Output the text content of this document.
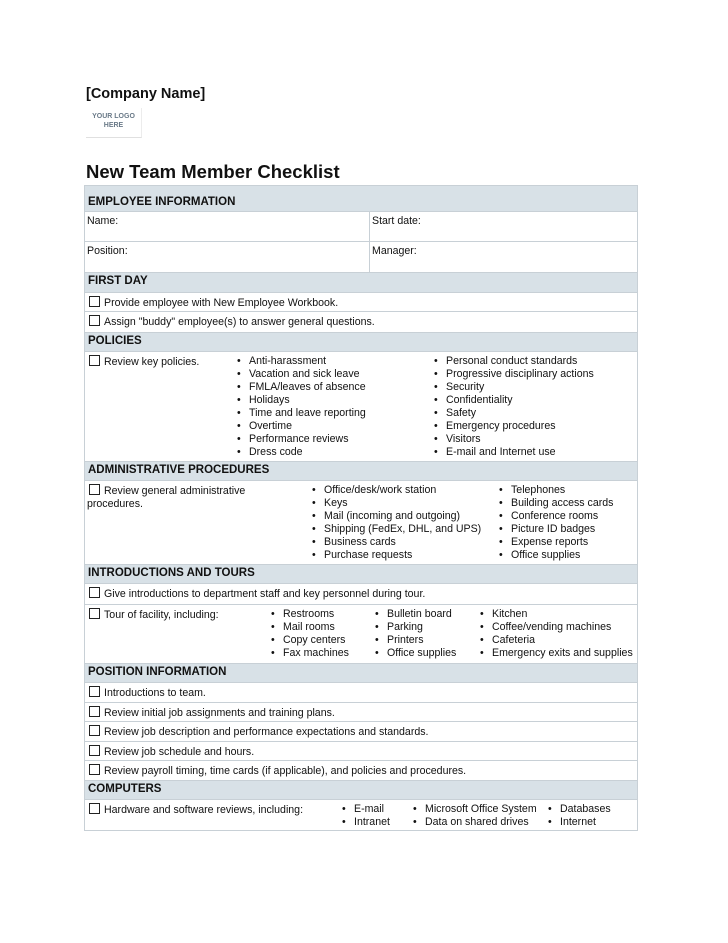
[Company Name]
YOUR LOGO
HERE
New Team Member Checklist
EMPLOYEE INFORMATION
Name:	Start date:
Position:	Manager:
FIRST DAY
Provide employee with New Employee Workbook.
Assign "buddy" employee(s) to answer general questions.
POLICIES

Review key policies.	
•Anti-harassment
• Vacation and sick leave
• FMLA/leaves of absence
• Holidays
• Time and leave reporting
• Overtime
• Performance reviews
• Dress code

• Personal conduct standards
• Progressive disciplinary actions
• Security
• Confidentiality
• Safety
• Emergency procedures
• Visitors
• E-mail and Internet use

ADMINISTRATIVE PROCEDURES

Review general administrative
procedures.

• Office/desk/work station
• Keys
• Mail (incoming and outgoing)
• Shipping (FedEx, DHL, and UPS)
• Business cards
• Purchase requests

• Telephones
• Building access cards
• Conference rooms
• Picture ID badges
• Expense reports
• Office supplies

INTRODUCTIONS AND TOURS
Give introductions to department staff and key personnel during tour.

Tour of facility, including:	
•Restrooms
• Mail rooms
• Copy centers
• Fax machines

• Bulletin board
• Parking
• Printers
• Office supplies

• Kitchen
• Coffee/vending machines
• Cafeteria
• Emergency exits and supplies

POSITION INFORMATION
Introductions to team.
Review initial job assignments and training plans.
Review job description and performance expectations and standards.
Review job schedule and hours.
Review payroll timing, time cards (if applicable), and policies and procedures.
COMPUTERS

Hardware and software reviews, including:	
•E-mail
• Intranet

• Microsoft Office System
• Data on shared drives

• Databases
• Internet
